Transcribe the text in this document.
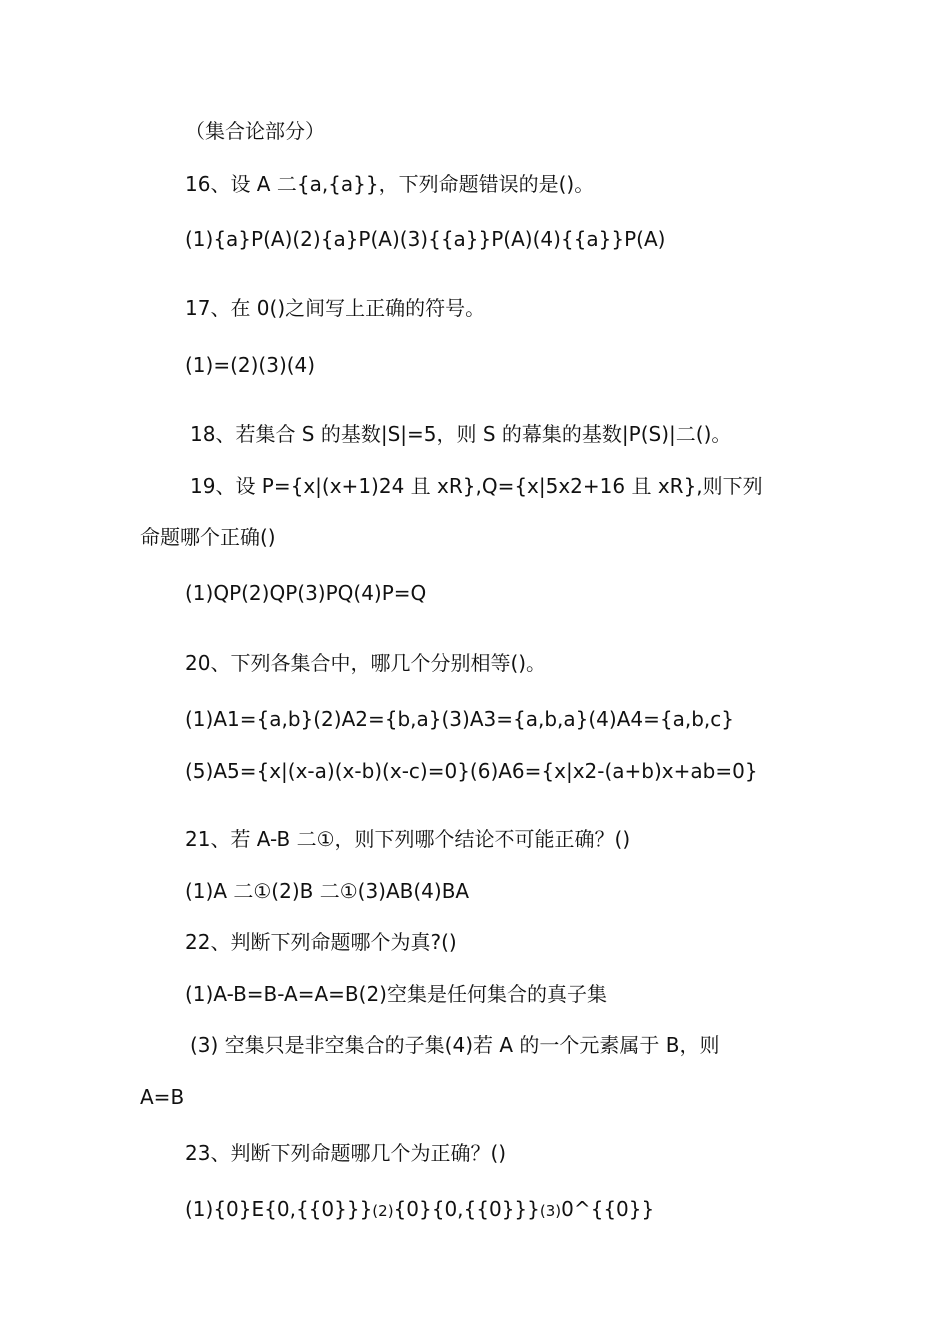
（集合论部分）
16、设 A 二{a,{a}}，下列命题错误的是()。
(1){a}P(A)(2){a}P(A)(3){{a}}P(A)(4){{a}}P(A)
17、在 0()之间写上正确的符号。
(1)=(2)(3)(4)
18、若集合 S 的基数|S|=5，则 S 的幕集的基数|P(S)|二()。
19、设 P={x|(x+1)24 且 xR},Q={x|5x2+16 且 xR},则下列
命题哪个正确()
(1)QP(2)QP(3)PQ(4)P=Q
20、下列各集合中，哪几个分别相等()。
(1)A1={a,b}(2)A2={b,a}(3)A3={a,b,a}(4)A4={a,b,c}
(5)A5={x|(x-a)(x-b)(x-c)=0}(6)A6={x|x2-(a+b)x+ab=0}
21、若 A-B 二①，则下列哪个结论不可能正确？()
(1)A 二①(2)B 二①(3)AB(4)BA
22、判断下列命题哪个为真?()
(1)A-B=B-A=A=B(2)空集是任何集合的真子集
(3) 空集只是非空集合的子集(4)若 A 的一个元素属于 B，则
A=B
23、判断下列命题哪几个为正确？()
(1){0}E{0,{{0}}}(2){0}{0,{{0}}}(3)0^{{0}}
